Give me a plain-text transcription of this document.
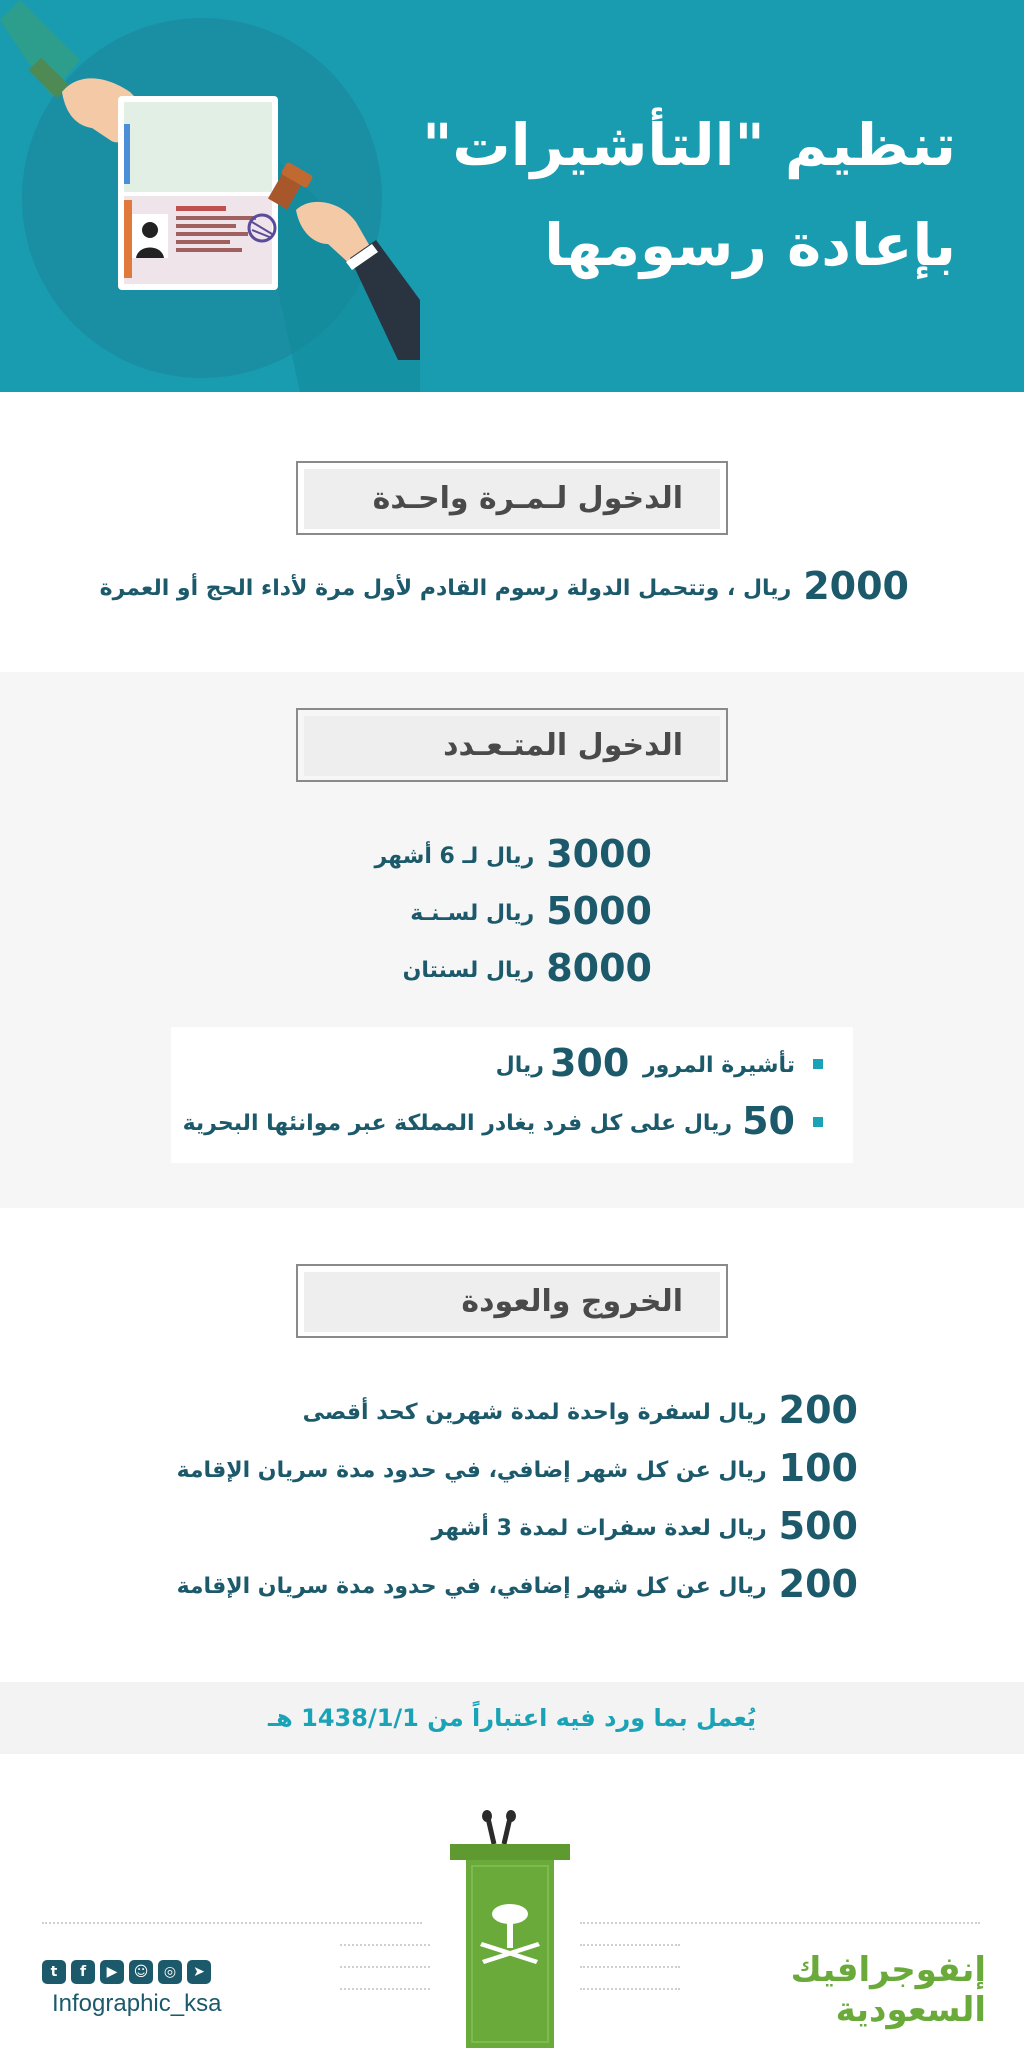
تنظيم "التأشيرات"
بإعادة رسومها
الدخول لـمـرة واحـدة
2000ريال ، وتتحمل الدولة رسوم القادم لأول مرة لأداء الحج أو العمرة
الدخول المتـعـدد
3000ريال لـ 6 أشهر
5000ريال لسـنـة
8000ريال لسنتان
تأشيرة المرور 300ريال
50ريال على كل فرد يغادر المملكة عبر موانئها البحرية
الخروج والعودة
200ريال لسفرة واحدة لمدة شهرين كحد أقصى
100ريال عن كل شهر إضافي، في حدود مدة سريان الإقامة
500ريال لعدة سفرات لمدة 3 أشهر
200ريال عن كل شهر إضافي، في حدود مدة سريان الإقامة
يُعمل بما ورد فيه اعتباراً من 1438/1/1 هـ
t	f	▶	☺	◎	➤
Infographic_ksa
إنفوجرافيك
السعودية
